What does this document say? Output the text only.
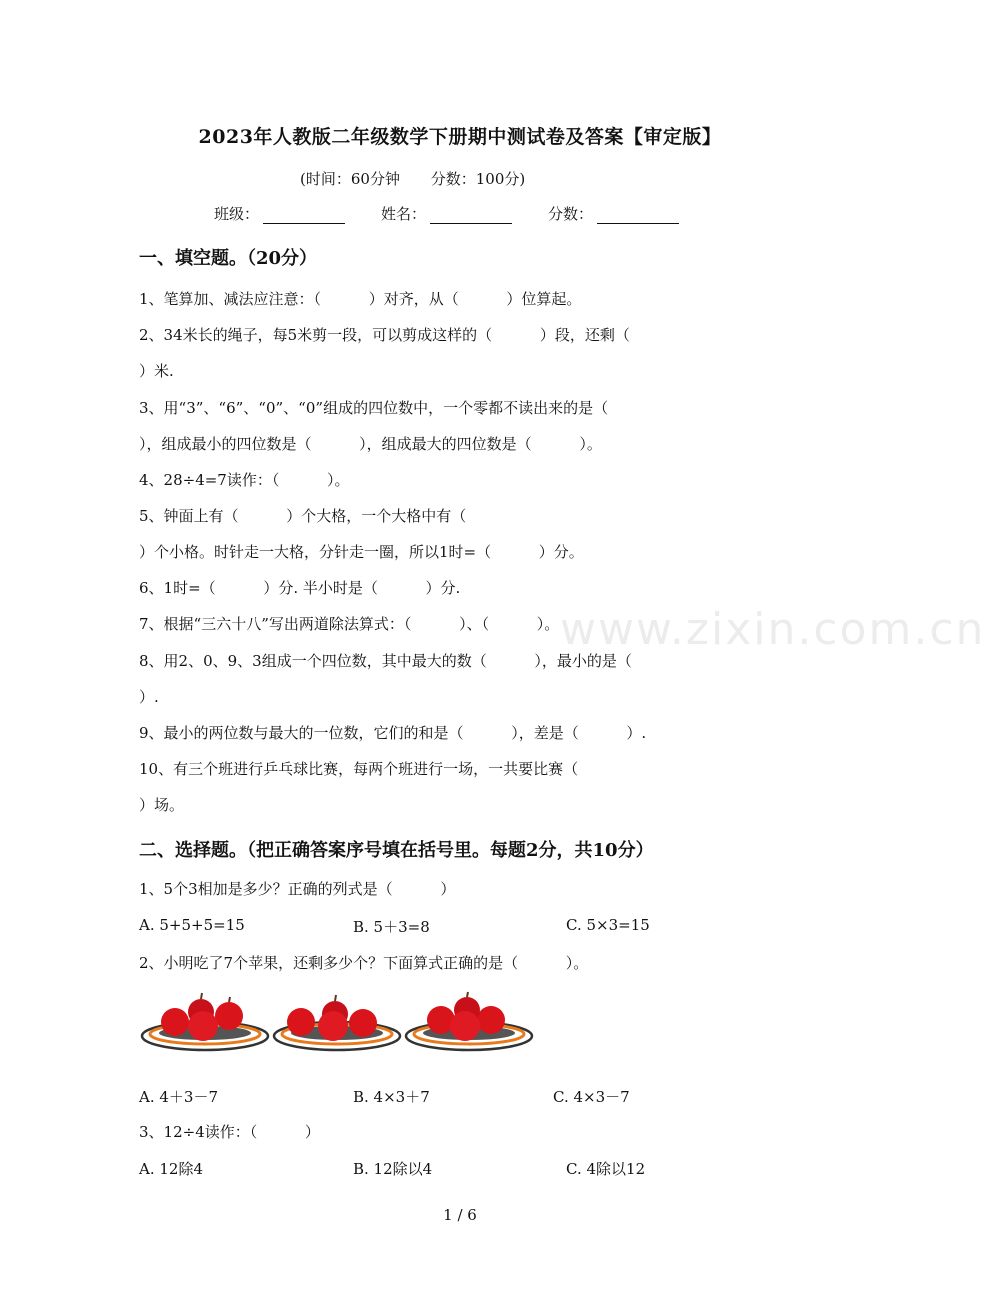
2023年人教版二年级数学下册期中测试卷及答案【审定版】
(时间：60分钟 分数：100分)
班级：	姓名：	分数：
一、填空题。（20分）
1、笔算加、减法应注意：（          ）对齐，从（          ）位算起。
2、34米长的绳子，每5米剪一段，可以剪成这样的（          ）段，还剩（
）米.
3、用“3”、“6”、“0”、“0”组成的四位数中，一个零都不读出来的是（
），组成最小的四位数是（          ），组成最大的四位数是（          ）。
4、28÷4=7读作：（          ）。
5、钟面上有（          ）个大格，一个大格中有（
）个小格。时针走一大格，分针走一圈，所以1时=（          ）分。
6、1时=（          ）分. 半小时是（          ）分.
7、根据“三六十八”写出两道除法算式：（          ）、（          ）。
8、用2、0、9、3组成一个四位数，其中最大的数（          ），最小的是（
）.
9、最小的两位数与最大的一位数，它们的和是（          ），差是（          ）.
10、有三个班进行乒乓球比赛，每两个班进行一场，一共要比赛（
）场。
二、选择题。（把正确答案序号填在括号里。每题2分，共10分）
1、5个3相加是多少？正确的列式是（          ）
A. 5+5+5=15	B. 5＋3=8	C. 5×3=15
2、小明吃了7个苹果，还剩多少个？下面算式正确的是（          ）。
A. 4＋3－7	B. 4×3＋7	C. 4×3－7
3、12÷4读作：（          ）
A. 12除4	B. 12除以4	C. 4除以12
www.zixin.com.cn
1 / 6
